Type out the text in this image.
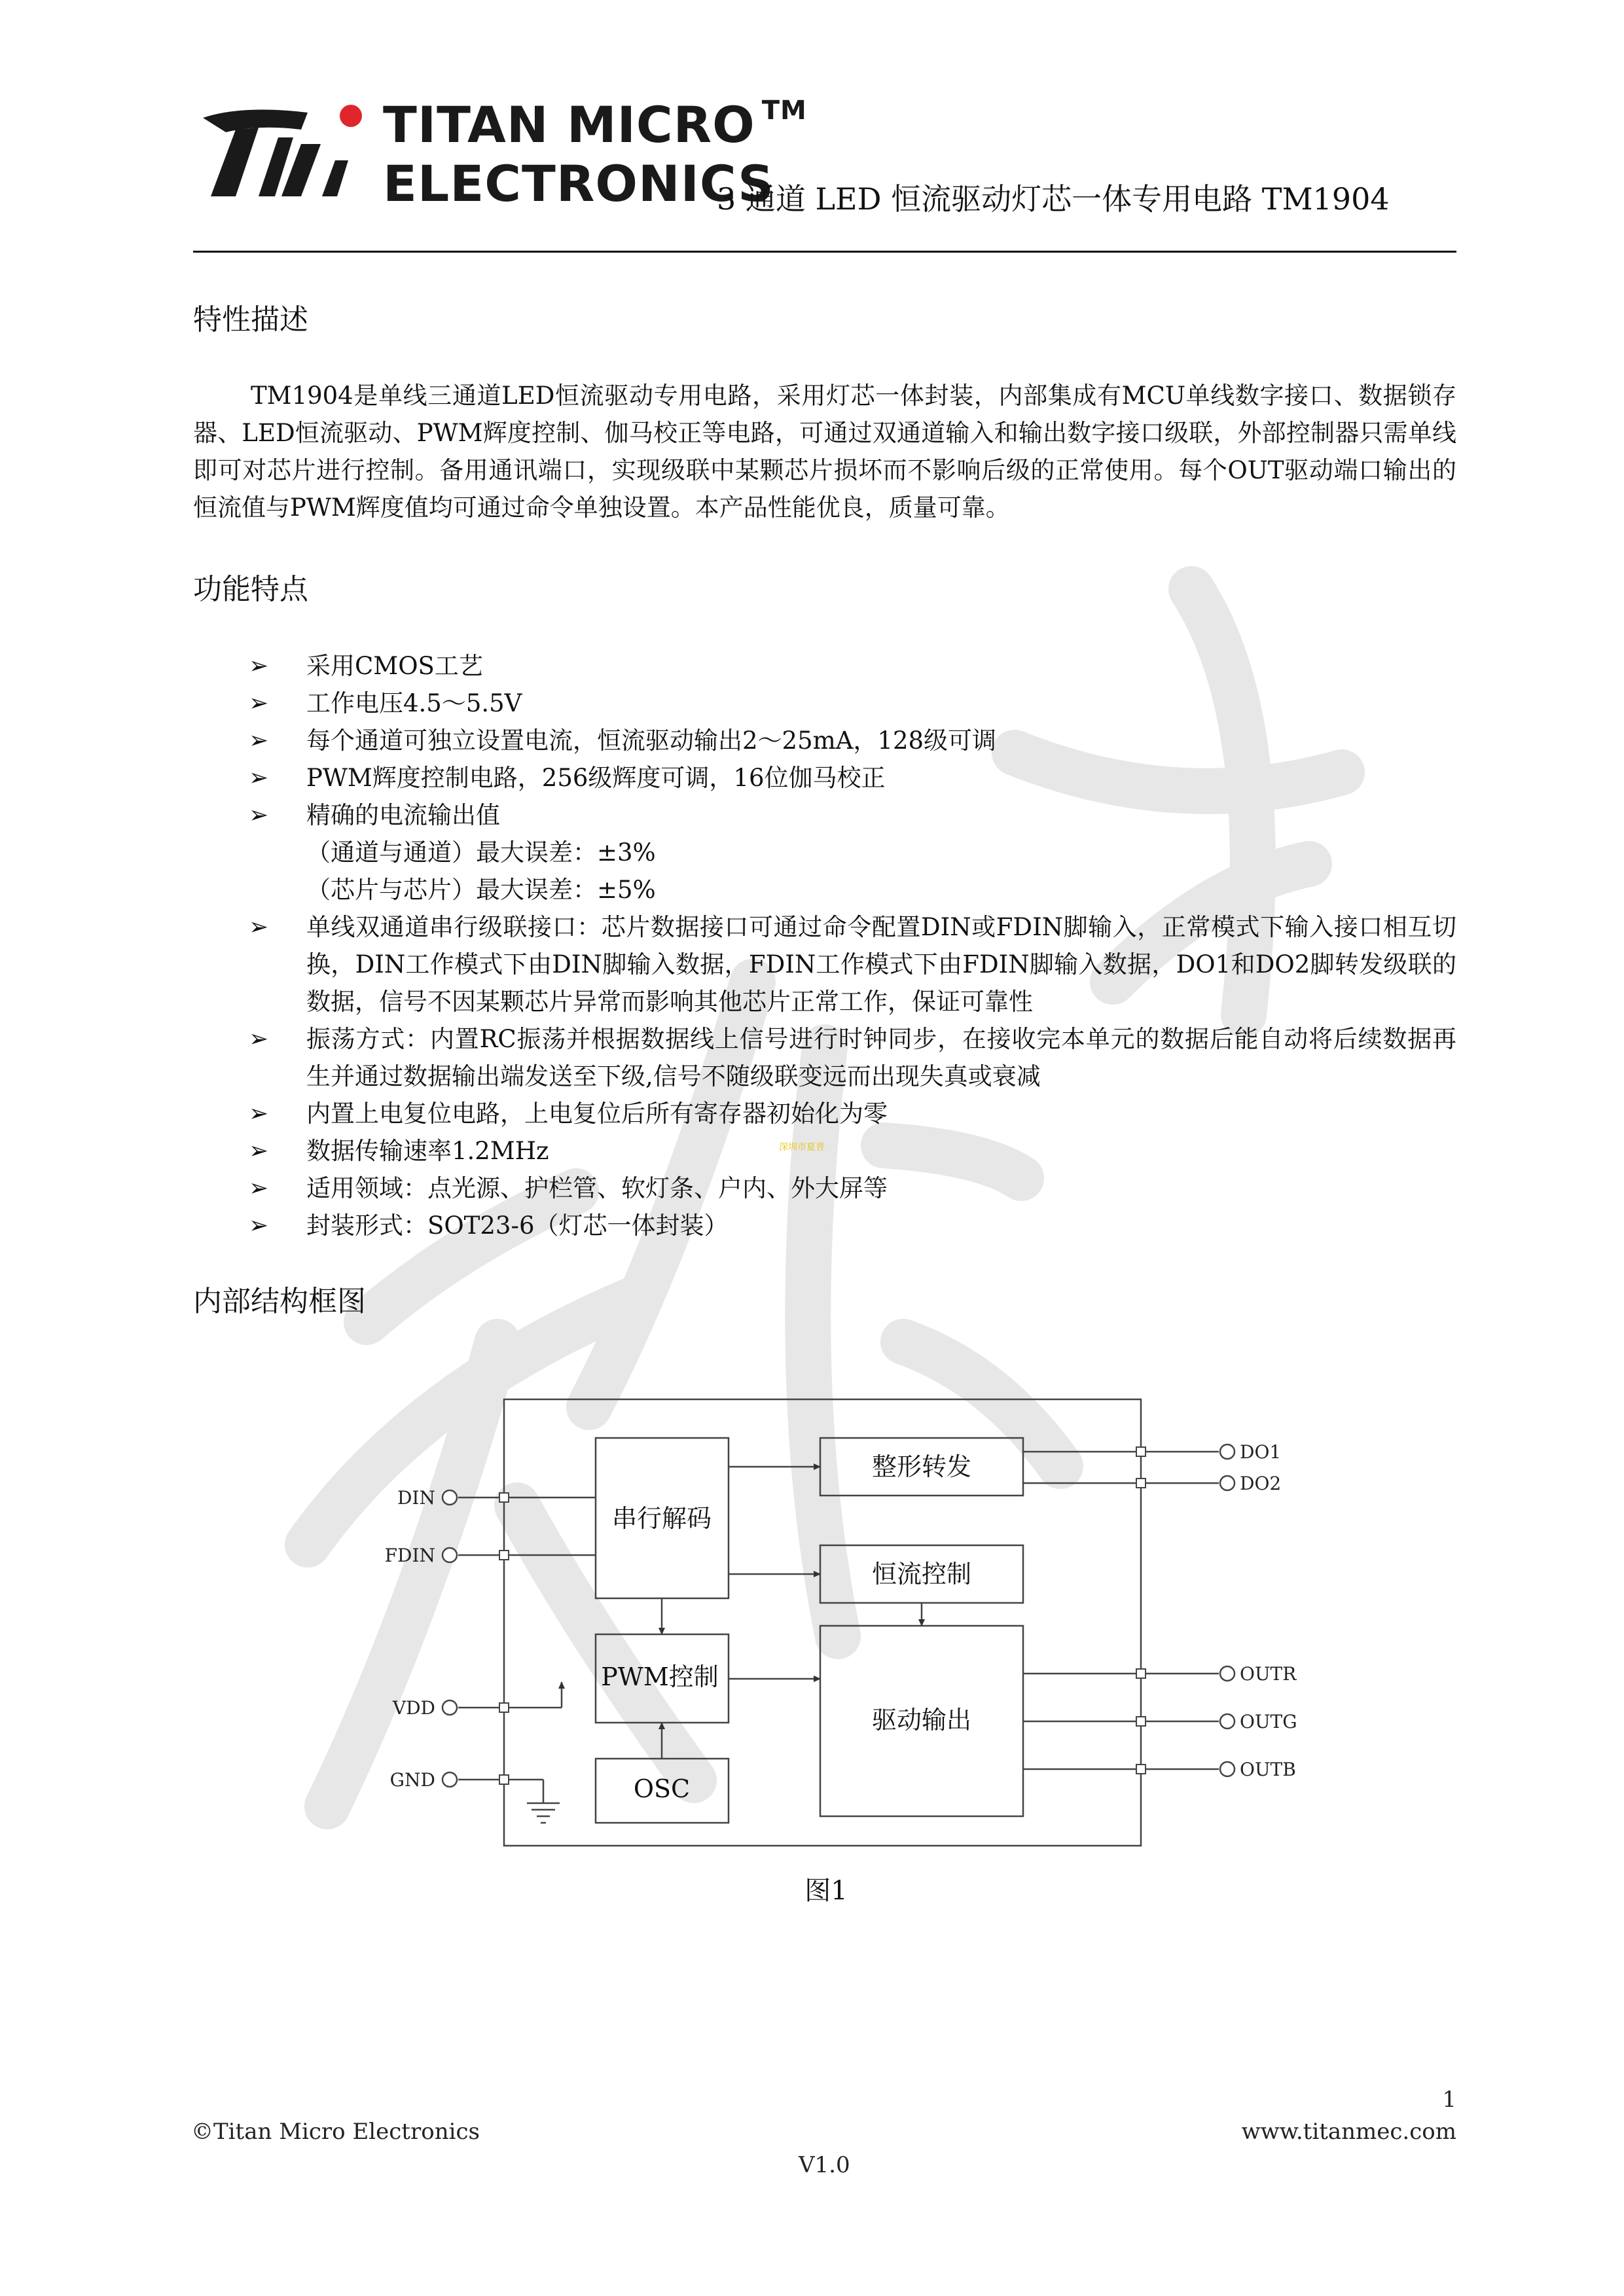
TITAN MICRO ™
ELECTRONICS
3 通道 LED 恒流驱动灯芯一体专用电路 TM1904
特性描述
TM1904是单线三通道LED恒流驱动专用电路，采用灯芯一体封装，内部集成有MCU单线数字接口、数据锁存器、LED恒流驱动、PWM辉度控制、伽马校正等电路，可通过双通道输入和输出数字接口级联，外部控制器只需单线即可对芯片进行控制。备用通讯端口，实现级联中某颗芯片损坏而不影响后级的正常使用。每个OUT驱动端口输出的恒流值与PWM辉度值均可通过命令单独设置。本产品性能优良，质量可靠。
功能特点
➢	采用CMOS工艺
➢	工作电压4.5～5.5V
➢	每个通道可独立设置电流，恒流驱动输出2～25mA，128级可调
➢	PWM辉度控制电路，256级辉度可调，16位伽马校正
➢	精确的电流输出值
（通道与通道）最大误差：±3%
（芯片与芯片）最大误差：±5%
➢	单线双通道串行级联接口：芯片数据接口可通过命令配置DIN或FDIN脚输入，正常模式下输入接口相互切换，DIN工作模式下由DIN脚输入数据，FDIN工作模式下由FDIN脚输入数据，DO1和DO2脚转发级联的数据，信号不因某颗芯片异常而影响其他芯片正常工作，保证可靠性
➢	振荡方式：内置RC振荡并根据数据线上信号进行时钟同步，在接收完本单元的数据后能自动将后续数据再生并通过数据输出端发送至下级,信号不随级联变远而出现失真或衰减
➢	内置上电复位电路，上电复位后所有寄存器初始化为零
➢	数据传输速率1.2MHz	深圳市夏普
➢	适用领域：点光源、护栏管、软灯条、户内、外大屏等
➢	封装形式：SOT23-6（灯芯一体封装）
内部结构框图
串行解码
整形转发
恒流控制
PWM控制
OSC
驱动输出
DIN
FDIN
VDD
GND
DO1
DO2
OUTR
OUTG
OUTB
图1
1
©Titan Micro Electronics	www.titanmec.com
V1.0
